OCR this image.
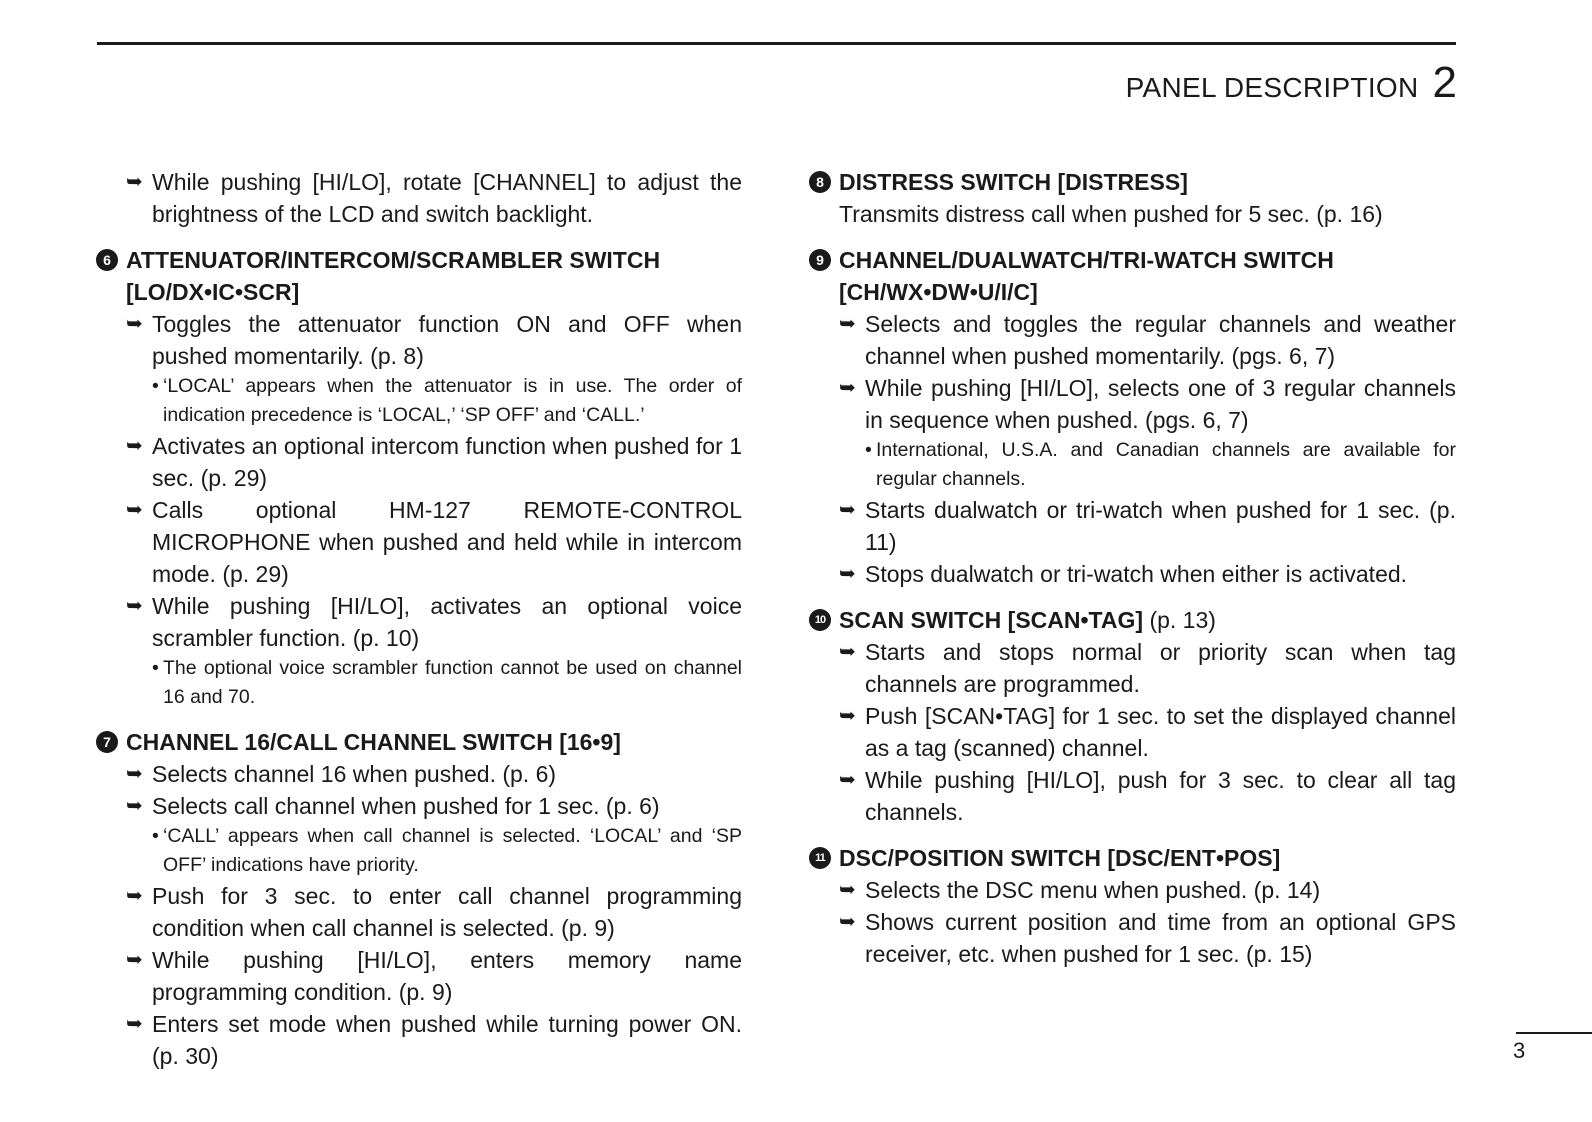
PANEL DESCRIPTION 2
➥ While pushing [HI/LO], rotate [CHANNEL] to adjust the brightness of the LCD and switch backlight.
6 ATTENUATOR/INTERCOM/SCRAMBLER SWITCH [LO/DX•IC•SCR]
➥ Toggles the attenuator function ON and OFF when pushed momentarily. (p. 8)
• ‘LOCAL’ appears when the attenuator is in use. The order of indication precedence is ‘LOCAL,’ ‘SP OFF’ and ‘CALL.’
➥ Activates an optional intercom function when pushed for 1 sec. (p. 29)
➥ Calls optional HM-127 REMOTE-CONTROL MICROPHONE when pushed and held while in intercom mode. (p. 29)
➥ While pushing [HI/LO], activates an optional voice scrambler function. (p. 10)
• The optional voice scrambler function cannot be used on channel 16 and 70.
7 CHANNEL 16/CALL CHANNEL SWITCH [16•9]
➥ Selects channel 16 when pushed. (p. 6)
➥ Selects call channel when pushed for 1 sec. (p. 6)
• ‘CALL’ appears when call channel is selected. ‘LOCAL’ and ‘SP OFF’ indications have priority.
➥ Push for 3 sec. to enter call channel programming condition when call channel is selected. (p. 9)
➥ While pushing [HI/LO], enters memory name programming condition. (p. 9)
➥ Enters set mode when pushed while turning power ON. (p. 30)
8 DISTRESS SWITCH [DISTRESS]
Transmits distress call when pushed for 5 sec. (p. 16)
9 CHANNEL/DUALWATCH/TRI-WATCH SWITCH [CH/WX•DW•U/I/C]
➥ Selects and toggles the regular channels and weather channel when pushed momentarily. (pgs. 6, 7)
➥ While pushing [HI/LO], selects one of 3 regular channels in sequence when pushed. (pgs. 6, 7)
• International, U.S.A. and Canadian channels are available for regular channels.
➥ Starts dualwatch or tri-watch when pushed for 1 sec. (p. 11)
➥ Stops dualwatch or tri-watch when either is activated.
10 SCAN SWITCH [SCAN•TAG] (p. 13)
➥ Starts and stops normal or priority scan when tag channels are programmed.
➥ Push [SCAN•TAG] for 1 sec. to set the displayed channel as a tag (scanned) channel.
➥ While pushing [HI/LO], push for 3 sec. to clear all tag channels.
11 DSC/POSITION SWITCH [DSC/ENT•POS]
➥ Selects the DSC menu when pushed. (p. 14)
➥ Shows current position and time from an optional GPS receiver, etc. when pushed for 1 sec. (p. 15)
3
